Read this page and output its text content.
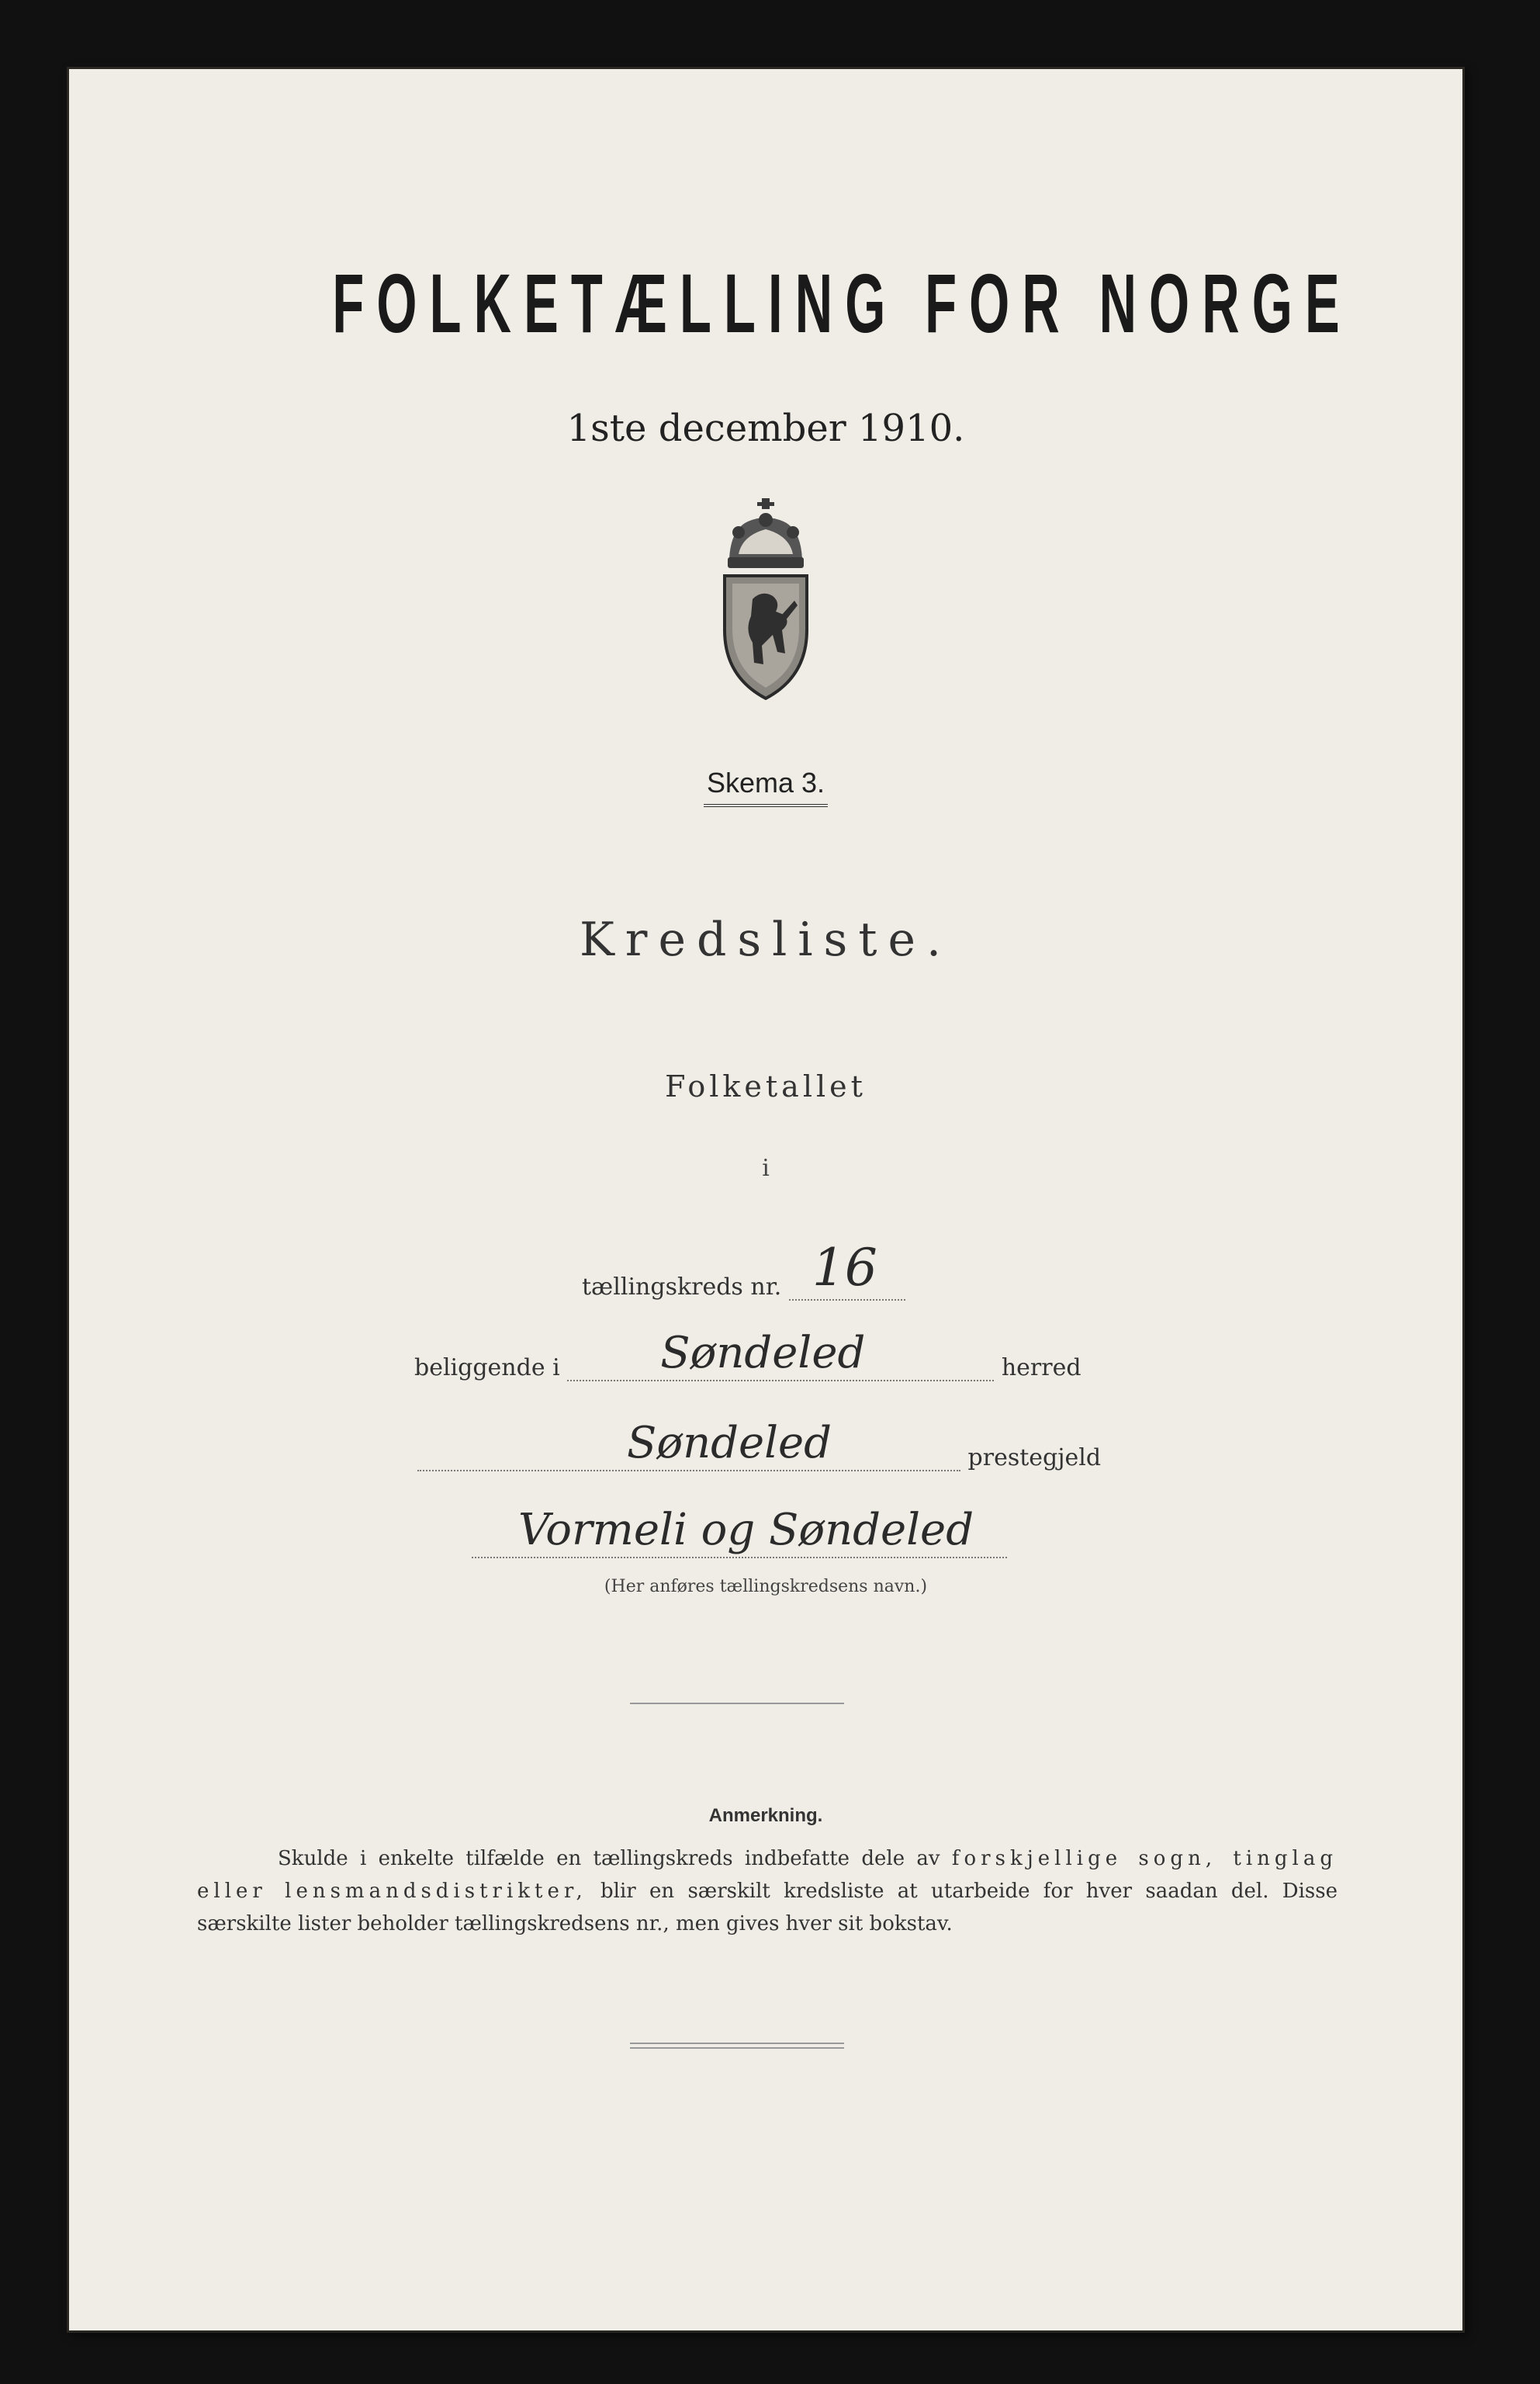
FOLKETÆLLING FOR NORGE
1ste december 1910.
Skema 3.
Kredsliste.
Folketallet
i
tællingskreds nr. 16
beliggende i Søndeled	herred
Søndeled	prestegjeld
Vormeli og Søndeled
(Her anføres tællingskredsens navn.)
Anmerkning.
    Skulde i enkelte tilfælde en tællingskreds indbefatte dele av forskjellige sogn, tinglag eller lensmandsdistrikter, blir en særskilt kredsliste at utarbeide for hver saadan del. Disse særskilte lister beholder tællingskredsens nr., men gives hver sit bokstav.
